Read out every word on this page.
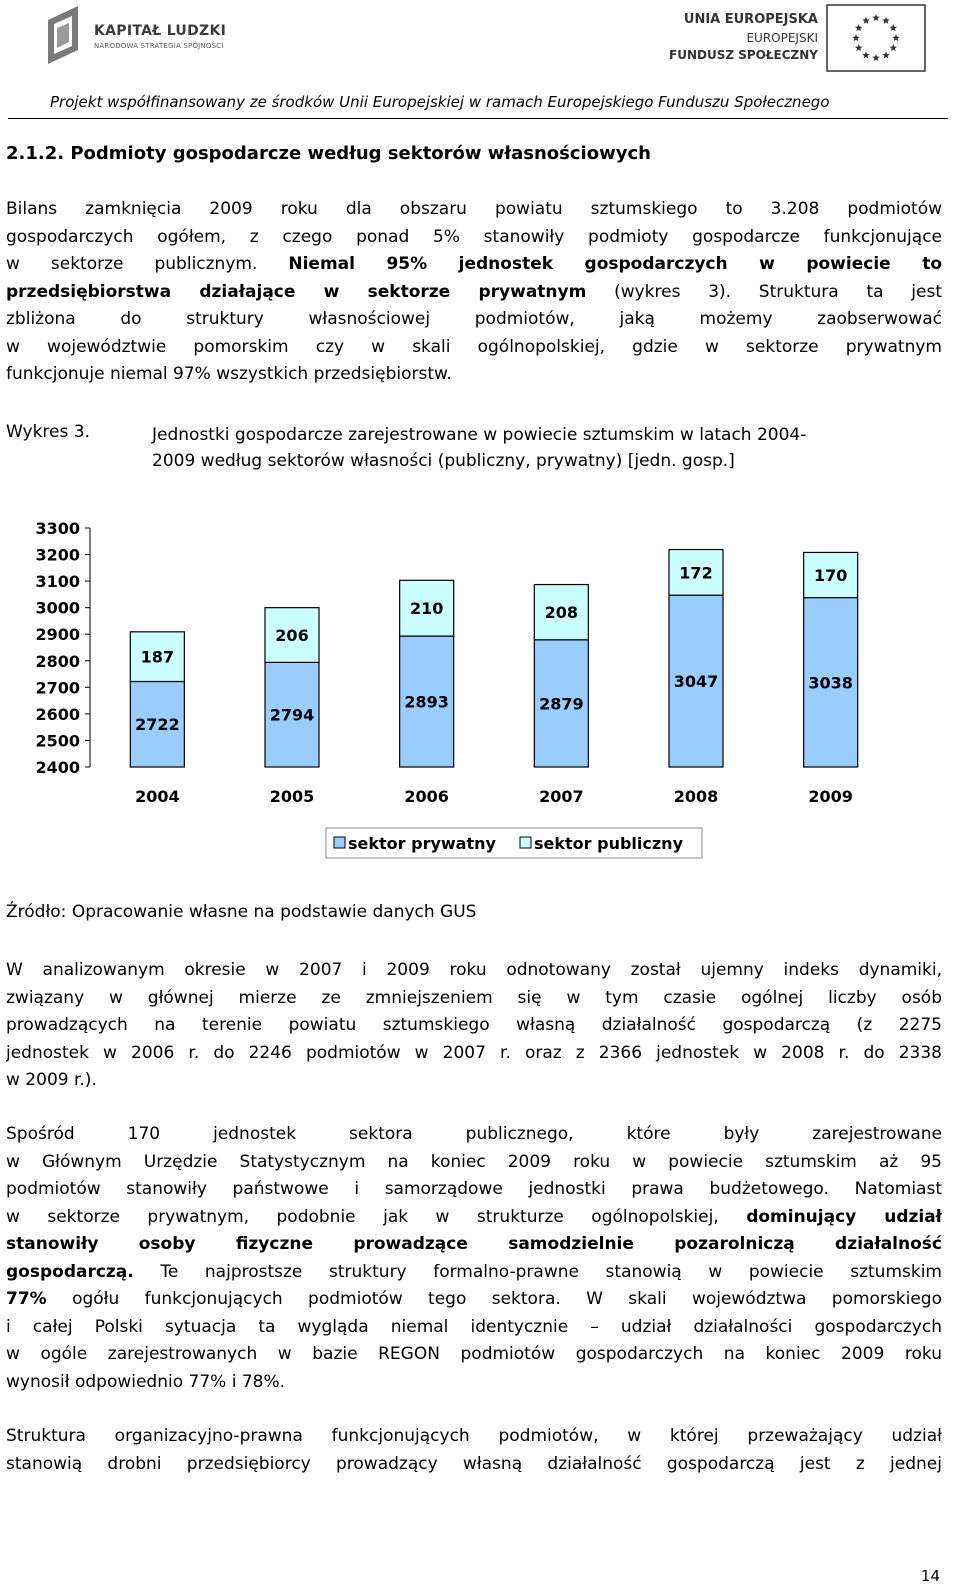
KAPITAŁ LUDZKI
NARODOWA STRATEGIA SPÓJNOŚCI
UNIA EUROPEJSKA
EUROPEJSKI
FUNDUSZ SPOŁECZNY
Projekt współfinansowany ze środków Unii Europejskiej w ramach Europejskiego Funduszu Społecznego
2.1.2. Podmioty gospodarcze według sektorów własnościowych
Bilans zamknięcia 2009 roku dla obszaru powiatu sztumskiego to 3.208 podmiotów
gospodarczych ogółem, z czego ponad 5% stanowiły podmioty gospodarcze funkcjonujące
w sektorze publicznym. Niemal 95% jednostek gospodarczych w powiecie to
przedsiębiorstwa działające w sektorze prywatnym (wykres 3). Struktura ta jest
zbliżona do struktury własnościowej podmiotów, jaką możemy zaobserwować
w województwie pomorskim czy w skali ogólnopolskiej, gdzie w sektorze prywatnym
funkcjonuje niemal 97% wszystkich przedsiębiorstw.
Wykres 3.	Jednostki gospodarcze zarejestrowane w powiecie sztumskim w latach 2004-
2009 według sektorów własności (publiczny, prywatny) [jedn. gosp.]
3300
3200
3100
3000
2900
2800
2700
2600
2500
2400
2722
187
2004
2794
206
2005
2893
210
2006
2879
208
2007
3047
172
2008
3038
170
2009
sektor prywatny sektor publiczny
Źródło: Opracowanie własne na podstawie danych GUS
W analizowanym okresie w 2007 i 2009 roku odnotowany został ujemny indeks dynamiki,
związany w głównej mierze ze zmniejszeniem się w tym czasie ogólnej liczby osób
prowadzących na terenie powiatu sztumskiego własną działalność gospodarczą (z 2275
jednostek w 2006 r. do 2246 podmiotów w 2007 r. oraz z 2366 jednostek w 2008 r. do 2338
w 2009 r.).
Spośród 170 jednostek sektora publicznego, które były zarejestrowane
w Głównym Urzędzie Statystycznym na koniec 2009 roku w powiecie sztumskim aż 95
podmiotów stanowiły państwowe i samorządowe jednostki prawa budżetowego. Natomiast
w sektorze prywatnym, podobnie jak w strukturze ogólnopolskiej, dominujący udział
stanowiły osoby fizyczne prowadzące samodzielnie pozarolniczą działalność
gospodarczą. Te najprostsze struktury formalno-prawne stanowią w powiecie sztumskim
77% ogółu funkcjonujących podmiotów tego sektora. W skali województwa pomorskiego
i całej Polski sytuacja ta wygląda niemal identycznie – udział działalności gospodarczych
w ogóle zarejestrowanych w bazie REGON podmiotów gospodarczych na koniec 2009 roku
wynosił odpowiednio 77% i 78%.
Struktura organizacyjno-prawna funkcjonujących podmiotów, w której przeważający udział
stanowią drobni przedsiębiorcy prowadzący własną działalność gospodarczą jest z jednej
14
